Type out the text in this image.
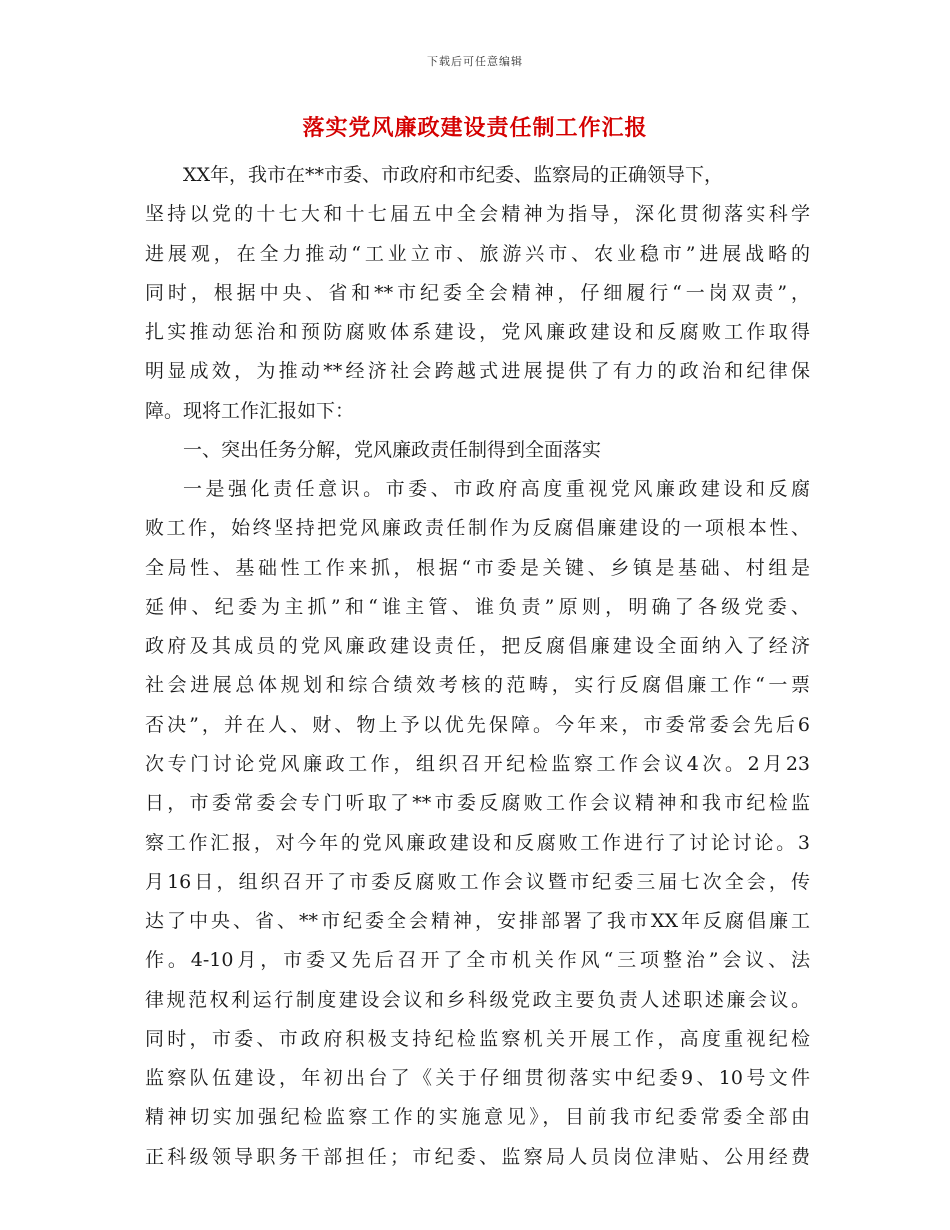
下载后可任意编辑
落实党风廉政建设责任制工作汇报
XX年，我市在**市委、市政府和市纪委、监察局的正确领导下，
坚持以党的十七大和十七届五中全会精神为指导，深化贯彻落实科学
进展观，在全力推动“工业立市、旅游兴市、农业稳市”进展战略的
同时，根据中央、省和**市纪委全会精神，仔细履行“一岗双责”，
扎实推动惩治和预防腐败体系建设，党风廉政建设和反腐败工作取得
明显成效，为推动**经济社会跨越式进展提供了有力的政治和纪律保
障。现将工作汇报如下：
一、突出任务分解，党风廉政责任制得到全面落实
一是强化责任意识。市委、市政府高度重视党风廉政建设和反腐
败工作，始终坚持把党风廉政责任制作为反腐倡廉建设的一项根本性、
全局性、基础性工作来抓，根据“市委是关键、乡镇是基础、村组是
延伸、纪委为主抓”和“谁主管、谁负责”原则，明确了各级党委、
政府及其成员的党风廉政建设责任，把反腐倡廉建设全面纳入了经济
社会进展总体规划和综合绩效考核的范畴，实行反腐倡廉工作“一票
否决”，并在人、财、物上予以优先保障。今年来，市委常委会先后6
次专门讨论党风廉政工作，组织召开纪检监察工作会议4次。2月23
日，市委常委会专门听取了**市委反腐败工作会议精神和我市纪检监
察工作汇报，对今年的党风廉政建设和反腐败工作进行了讨论讨论。3
月16日，组织召开了市委反腐败工作会议暨市纪委三届七次全会，传
达了中央、省、**市纪委全会精神，安排部署了我市XX年反腐倡廉工
作。4-10月，市委又先后召开了全市机关作风“三项整治”会议、法
律规范权利运行制度建设会议和乡科级党政主要负责人述职述廉会议。
同时，市委、市政府积极支持纪检监察机关开展工作，高度重视纪检
监察队伍建设，年初出台了《关于仔细贯彻落实中纪委9、10号文件
精神切实加强纪检监察工作的实施意见》，目前我市纪委常委全部由
正科级领导职务干部担任；市纪委、监察局人员岗位津贴、公用经费
